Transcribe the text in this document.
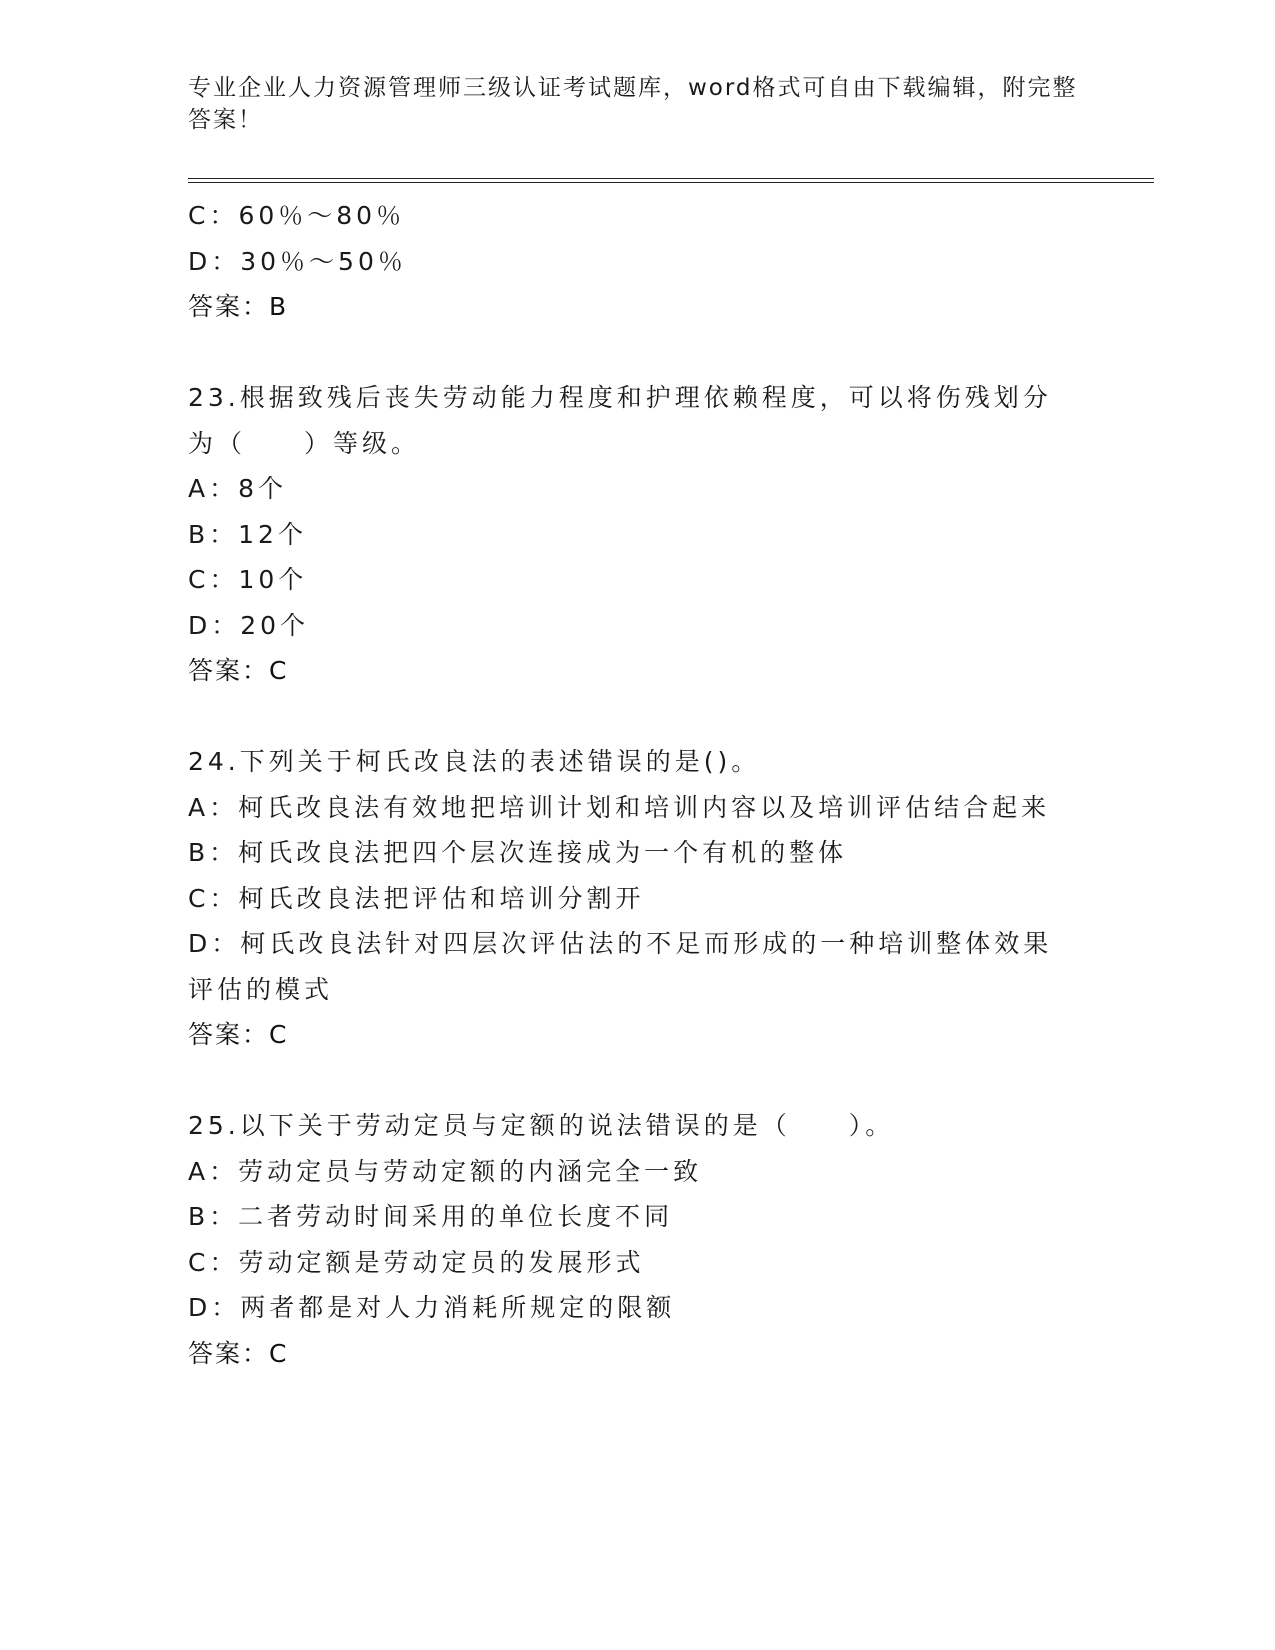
专业企业人力资源管理师三级认证考试题库，word格式可自由下载编辑，附完整答案！
C：60％～80％
D：30％～50％
答案：B
23.根据致残后丧失劳动能力程度和护理依赖程度，可以将伤残划分为（　　）等级。
A：8个
B：12个
C：10个
D：20个
答案：C
24.下列关于柯氏改良法的表述错误的是()。
A：柯氏改良法有效地把培训计划和培训内容以及培训评估结合起来
B：柯氏改良法把四个层次连接成为一个有机的整体
C：柯氏改良法把评估和培训分割开
D：柯氏改良法针对四层次评估法的不足而形成的一种培训整体效果评估的模式
答案：C
25.以下关于劳动定员与定额的说法错误的是（　　）。
A：劳动定员与劳动定额的内涵完全一致
B：二者劳动时间采用的单位长度不同
C：劳动定额是劳动定员的发展形式
D：两者都是对人力消耗所规定的限额
答案：C
